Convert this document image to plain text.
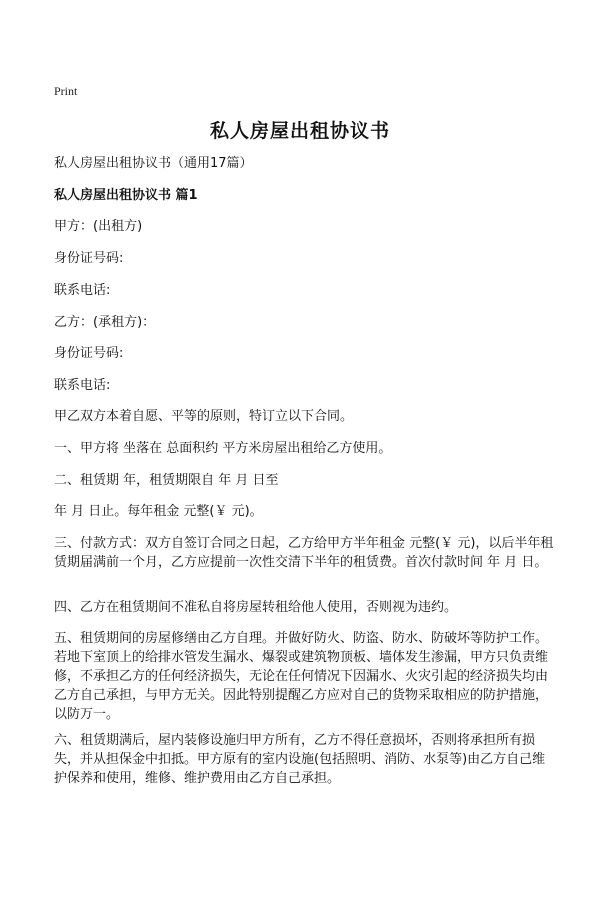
Print
私人房屋出租协议书

私人房屋出租协议书（通用17篇）

私人房屋出租协议书 篇1

甲方：(出租方)

身份证号码:

联系电话:

乙方：(承租方)：

身份证号码:

联系电话:

甲乙双方本着自愿、平等的原则，特订立以下合同。

一、甲方将 坐落在 总面积约 平方米房屋出租给乙方使用。

二、租赁期 年，租赁期限自 年 月 日至

年 月 日止。每年租金 元整(￥ 元)。

三、付款方式：双方自签订合同之日起，乙方给甲方半年租金 元整(￥ 元)，以后半年租赁期届满前一个月，乙方应提前一次性交清下半年的租赁费。首次付款时间 年 月 日。

四、乙方在租赁期间不准私自将房屋转租给他人使用，否则视为违约。

五、租赁期间的房屋修缮由乙方自理。并做好防火、防盗、防水、防破坏等防护工作。若地下室顶上的给排水管发生漏水、爆裂或建筑物顶板、墙体发生渗漏，甲方只负责维修，不承担乙方的任何经济损失，无论在任何情况下因漏水、火灾引起的经济损失均由乙方自己承担，与甲方无关。因此特别提醒乙方应对自己的货物采取相应的防护措施，以防万一。

六、租赁期满后，屋内装修设施归甲方所有，乙方不得任意损坏，否则将承担所有损失，并从担保金中扣抵。甲方原有的室内设施(包括照明、消防、水泵等)由乙方自己维护保养和使用，维修、维护费用由乙方自己承担。
